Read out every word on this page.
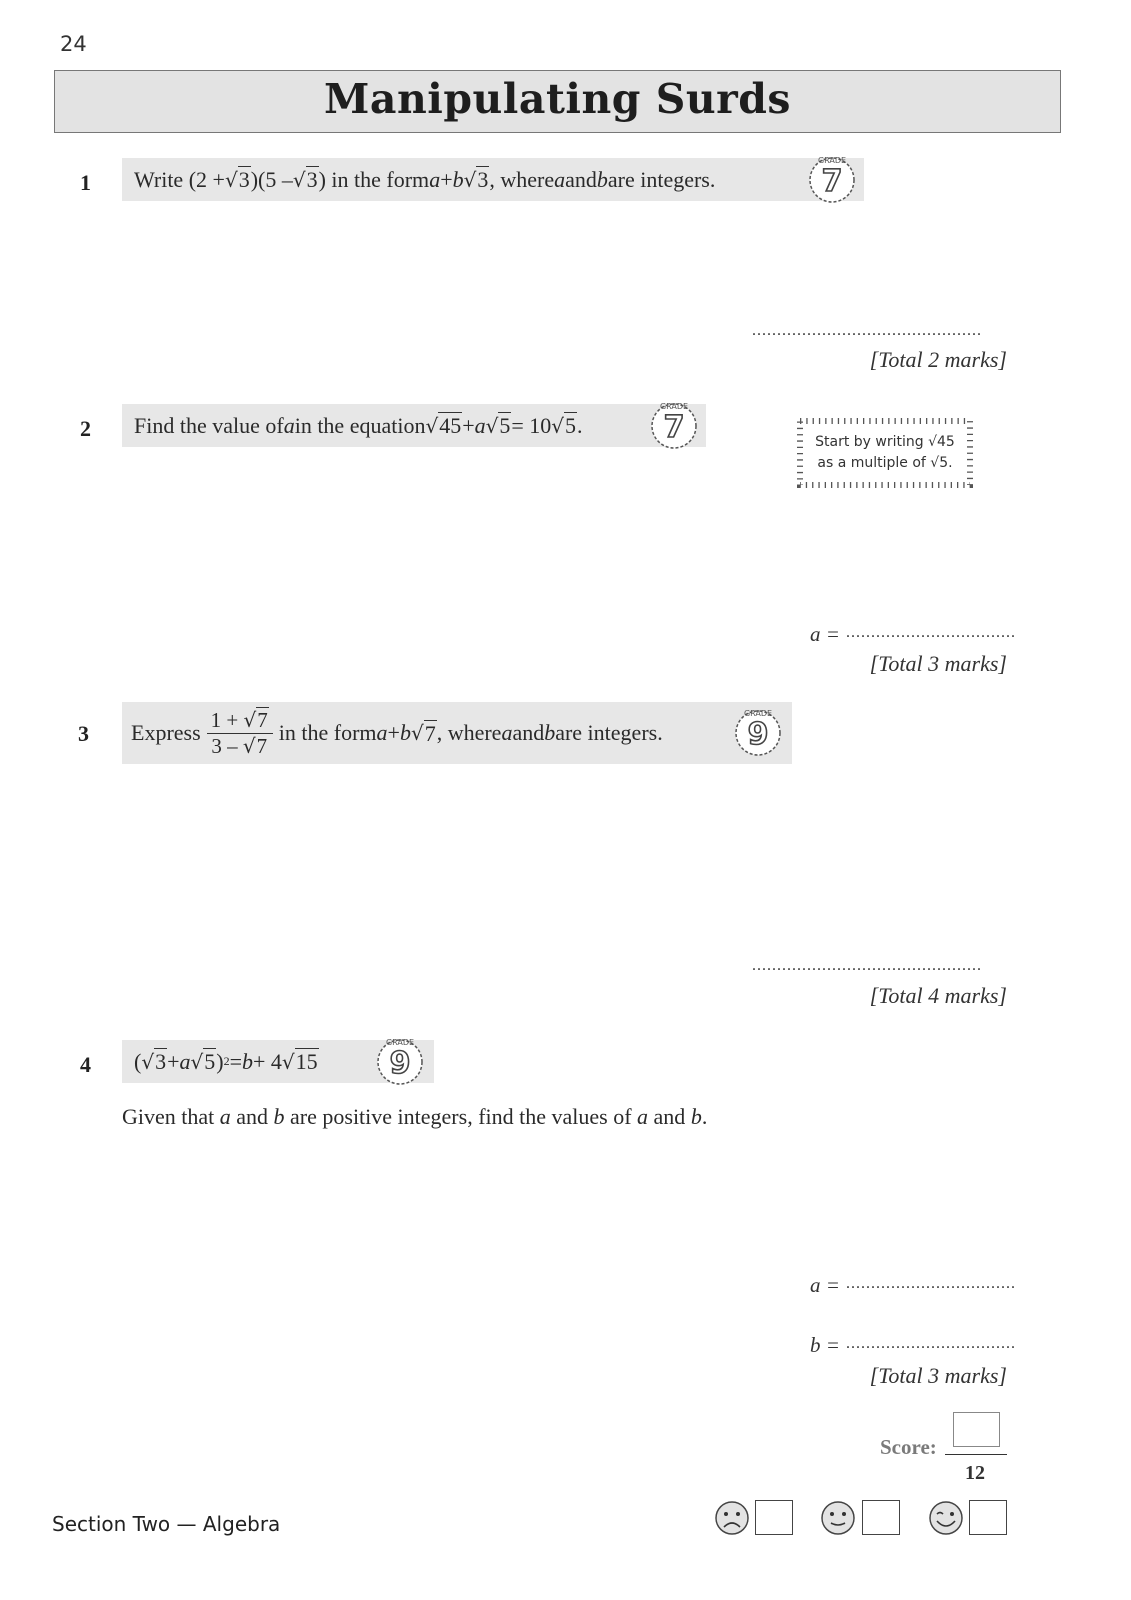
24
Manipulating Surds
1 Write (2 + √ 3 )(5 – √ 3 ) in the form a + b √ 3 , where a and b are integers.	7
GRADE
..............................................
[Total 2 marks]
2 Find the value of a in the equation √ 45 + a √ 5 = 10 √ 5 .	7
GRADE
Start by writing √45
as a multiple of √5.
a = ..................................
[Total 3 marks]
3 Express $\frac{1 + √7}{3 - √7}$ in the form a + b √ 7 , where a and b are integers.	9
GRADE
..............................................
[Total 4 marks]
4 ( √ 3 + a √ 5 ) 2 = b + 4 √ 15 9
GRADE
Given that a and b are positive integers, find the values of a and b.
a = ..................................
b = ..................................
[Total 3 marks]
Score:
12
Section Two — Algebra
